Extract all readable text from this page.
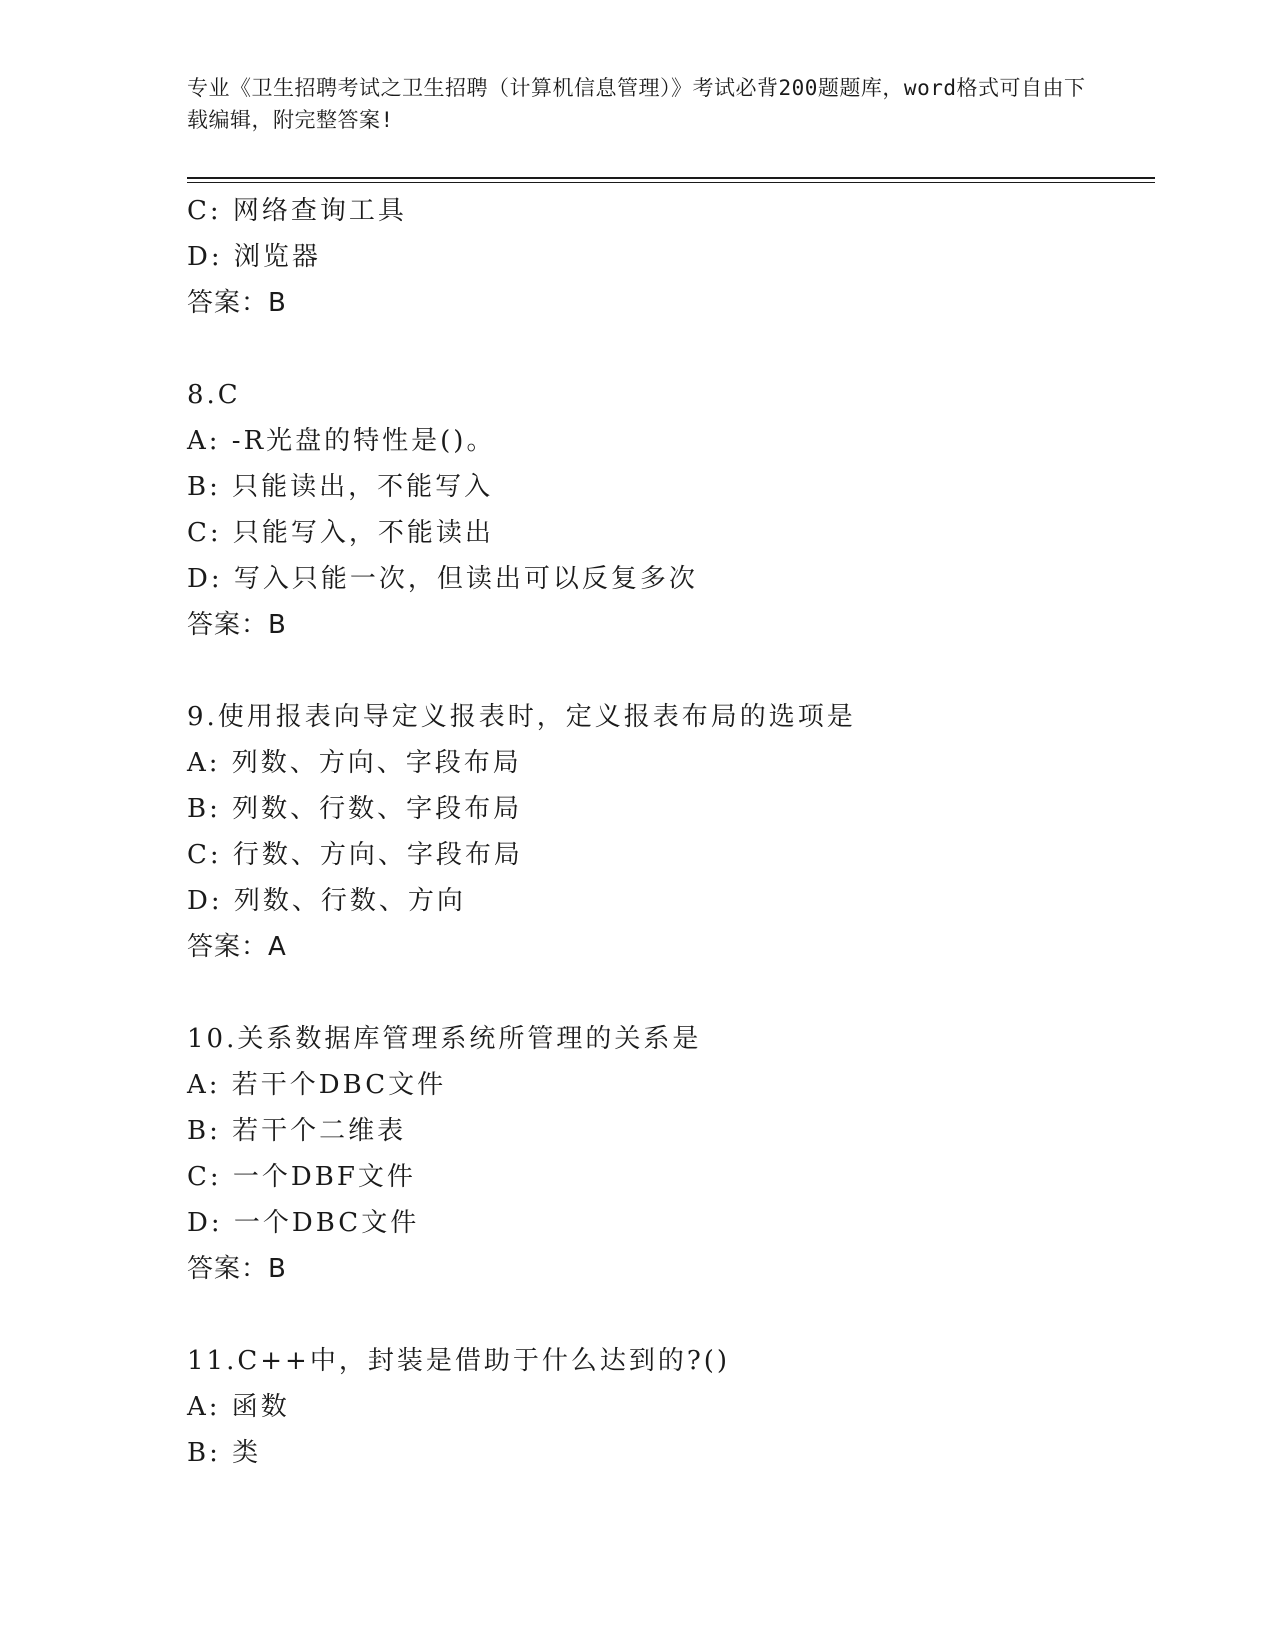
专业《卫生招聘考试之卫生招聘（计算机信息管理）》考试必背200题题库，word格式可自由下载编辑，附完整答案!
C: 网络查询工具
D: 浏览器
答案：B
8.C
A: -R光盘的特性是()。
B: 只能读出，不能写入
C: 只能写入，不能读出
D: 写入只能一次，但读出可以反复多次
答案：B
9.使用报表向导定义报表时，定义报表布局的选项是
A: 列数、方向、字段布局
B: 列数、行数、字段布局
C: 行数、方向、字段布局
D: 列数、行数、方向
答案：A
10.关系数据库管理系统所管理的关系是
A: 若干个DBC文件
B: 若干个二维表
C: 一个DBF文件
D: 一个DBC文件
答案：B
11.C++中，封装是借助于什么达到的?()
A: 函数
B: 类
